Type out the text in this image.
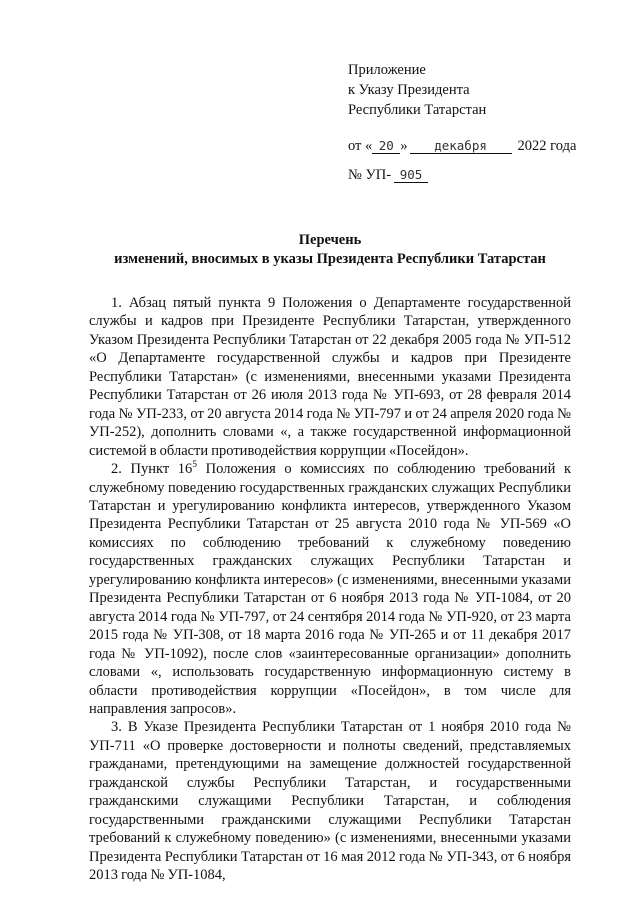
Приложение
к Указу Президента
Республики Татарстан
от « 20 » декабря 2022 года
№ УП- 905
Перечень
изменений, вносимых в указы Президента Республики Татарстан

1. Абзац пятый пункта 9 Положения о Департаменте государственной службы и кадров при Президенте Республики Татарстан, утвержденного Указом Президента Республики Татарстан от 22 декабря 2005 года № УП-512 «О Департаменте государственной службы и кадров при Президенте Республики Татарстан» (с изменениями, внесенными указами Президента Республики Татарстан от 26 июля 2013 года № УП-693, от 28 февраля 2014 года № УП-233, от 20 августа 2014 года № УП-797 и от 24 апреля 2020 года № УП-252), дополнить словами «, а также государственной информационной системой в области противодействия коррупции «Посейдон».

2. Пункт $16^5$ Положения о комиссиях по соблюдению требований к служебному поведению государственных гражданских служащих Республики Татарстан и урегулированию конфликта интересов, утвержденного Указом Президента Республики Татарстан от 25 августа 2010 года № УП-569 «О комиссиях по соблюдению требований к служебному поведению государственных гражданских служащих Республики Татарстан и урегулированию конфликта интересов» (с изменениями, внесенными указами Президента Республики Татарстан от 6 ноября 2013 года № УП-1084, от 20 августа 2014 года № УП-797, от 24 сентября 2014 года № УП-920, от 23 марта 2015 года № УП-308, от 18 марта 2016 года № УП-265 и от 11 декабря 2017 года № УП-1092), после слов «заинтересованные организации» дополнить словами «, использовать государственную информационную систему в области противодействия коррупции «Посейдон», в том числе для направления запросов».

3. В Указе Президента Республики Татарстан от 1 ноября 2010 года № УП-711 «О проверке достоверности и полноты сведений, представляемых гражданами, претендующими на замещение должностей государственной гражданской службы Республики Татарстан, и государственными гражданскими служащими Республики Татарстан, и соблюдения государственными гражданскими служащими Республики Татарстан требований к служебному поведению» (с изменениями, внесенными указами Президента Республики Татарстан от 16 мая 2012 года № УП-343, от 6 ноября 2013 года № УП-1084,
